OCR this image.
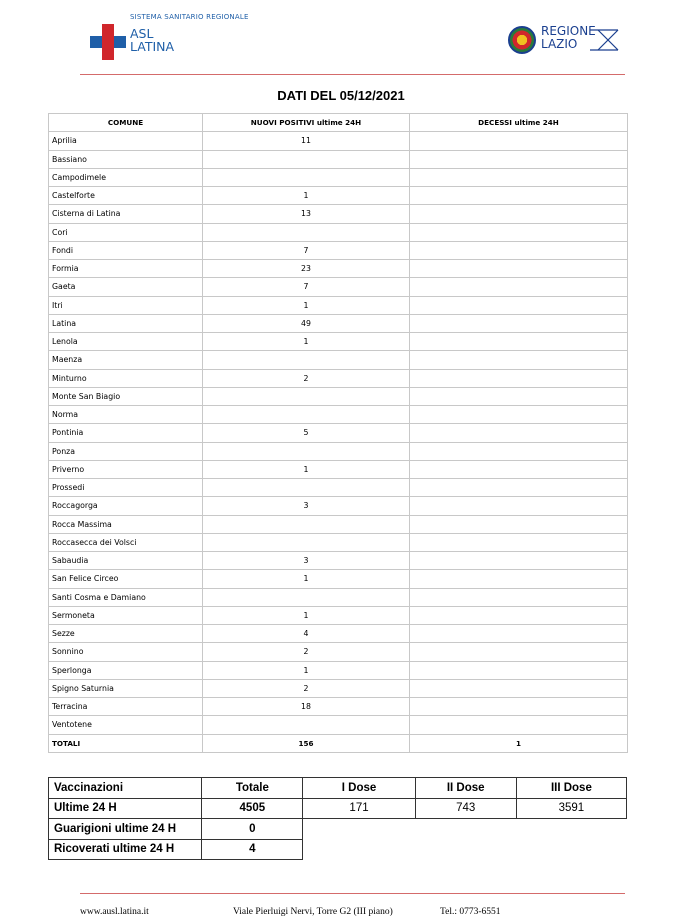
SISTEMA SANITARIO REGIONALE
ASL
LATINA
REGIONE
LAZIO
DATI DEL 05/12/2021
COMUNE	NUOVI POSITIVI ultime 24H	DECESSI ultime 24H
Aprilia	11	
Bassiano		
Campodimele		
Castelforte	1	
Cisterna di Latina	13	
Cori		
Fondi	7	
Formia	23	
Gaeta	7	
Itri	1	
Latina	49	
Lenola	1	
Maenza		
Minturno	2	
Monte San Biagio		
Norma		
Pontinia	5	
Ponza		
Priverno	1	
Prossedi		
Roccagorga	3	
Rocca Massima		
Roccasecca dei Volsci		
Sabaudia	3	
San Felice Circeo	1	
Santi Cosma e Damiano		
Sermoneta	1	
Sezze	4	
Sonnino	2	
Sperlonga	1	
Spigno Saturnia	2	
Terracina	18	
Ventotene		
TOTALI	156	1
Vaccinazioni	Totale	I Dose	II Dose	III Dose
Ultime 24 H	4505	171	743	3591
Guarigioni ultime 24 H	0			
Ricoverati ultime 24 H	4			
www.ausl.latina.it	Viale Pierluigi Nervi, Torre G2 (III piano)	Tel.: 0773-6551
